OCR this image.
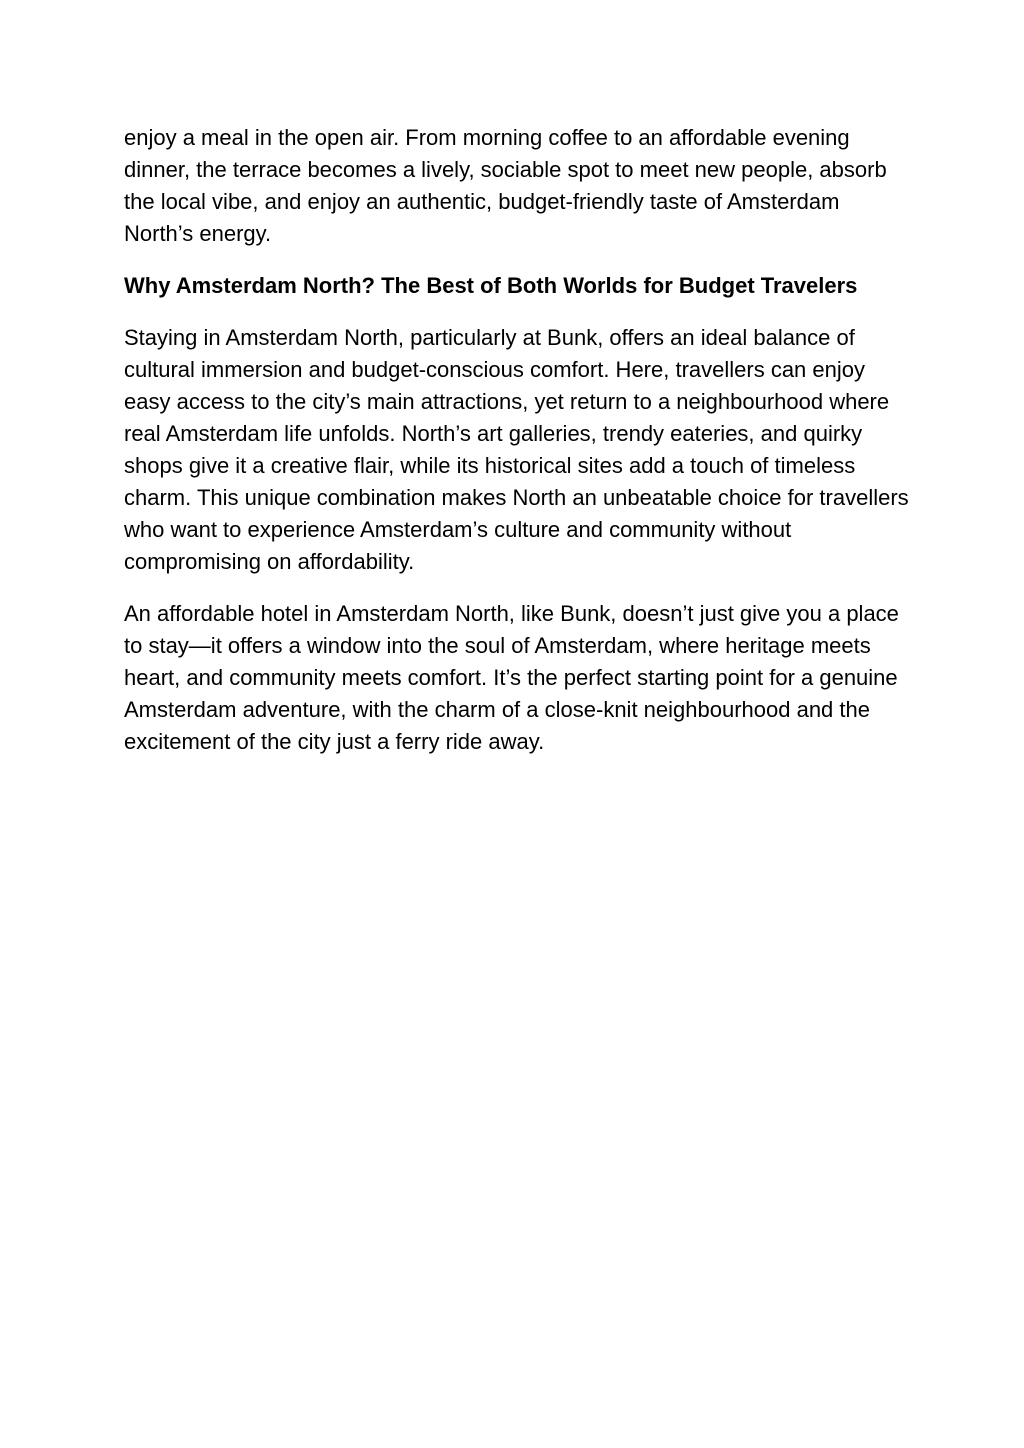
enjoy a meal in the open air. From morning coffee to an affordable evening dinner, the terrace becomes a lively, sociable spot to meet new people, absorb the local vibe, and enjoy an authentic, budget-friendly taste of Amsterdam North’s energy.

Why Amsterdam North? The Best of Both Worlds for Budget Travelers

Staying in Amsterdam North, particularly at Bunk, offers an ideal balance of cultural immersion and budget-conscious comfort. Here, travellers can enjoy easy access to the city’s main attractions, yet return to a neighbourhood where real Amsterdam life unfolds. North’s art galleries, trendy eateries, and quirky shops give it a creative flair, while its historical sites add a touch of timeless charm. This unique combination makes North an unbeatable choice for travellers who want to experience Amsterdam’s culture and community without compromising on affordability.

An affordable hotel in Amsterdam North, like Bunk, doesn’t just give you a place to stay—it offers a window into the soul of Amsterdam, where heritage meets heart, and community meets comfort. It’s the perfect starting point for a genuine Amsterdam adventure, with the charm of a close-knit neighbourhood and the excitement of the city just a ferry ride away.
